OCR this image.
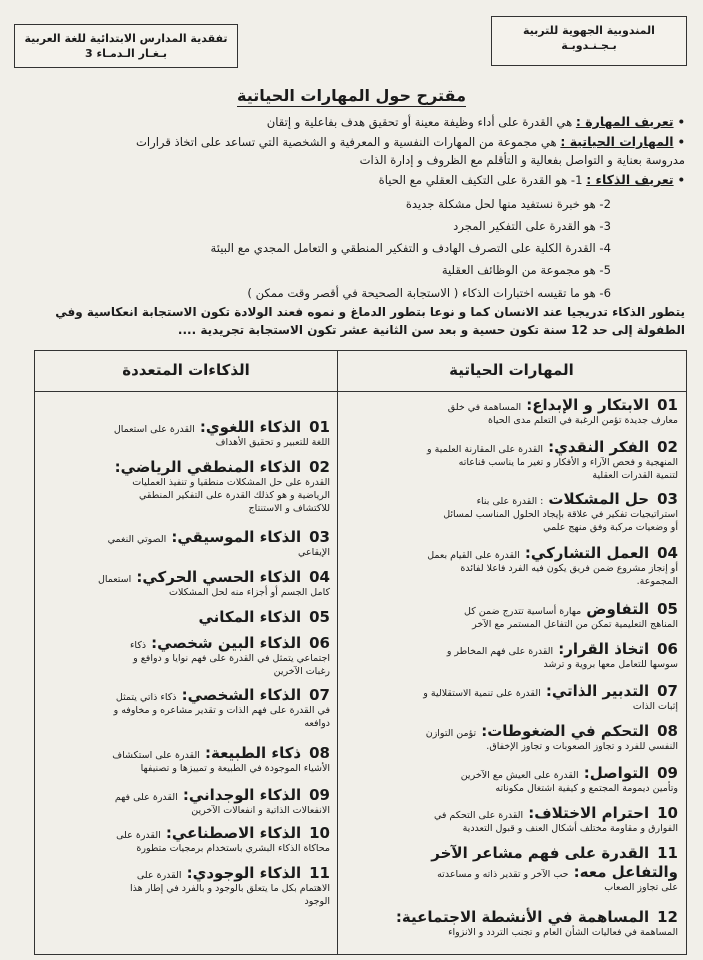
المندوبية الجهوية للتربية
بـجـنـدوبـة
تفقدية المدارس الابتدائية للغة العربية
بـغـار الـدمـاء 3
مقترح حول المهارات الحياتية
•تعريف المهارة : هي القدرة على أداء وظيفة معينة أو تحقيق هدف بفاعلية و إتقان
•المهارات الحياتية : هي مجموعة من المهارات النفسية و المعرفية و الشخصية التي تساعد على اتخاذ قرارات
مدروسة بعناية و التواصل بفعالية و التأقلم مع الظروف و إدارة الذات
•تعريف الذكاء : 1- هو القدرة على التكيف العقلي مع الحياة
2- هو خبرة نستفيد منها لحل مشكلة جديدة
3- هو القدرة على التفكير المجرد
4- القدرة الكلية على التصرف الهادف و التفكير المنطقي و التعامل المجدي مع البيئة
5- هو مجموعة من الوظائف العقلية
6- هو ما تقيسه اختبارات الذكاء ( الاستجابة الصحيحة في أقصر وقت ممكن )
يتطور الذكاء تدريجيا عند الانسان كما و نوعا بتطور الدماغ و نموه فعند الولادة تكون الاستجابة انعكاسية وفي
الطفولة إلى حد 12 سنة تكون حسية و بعد سن الثانية عشر تكون الاستجابة تجريدية ....
المهارات الحياتية
الذكاءات المتعددة
01الابتكار و الإبداع: المساهمة في خلق
معارف جديدة تؤمن الرغبة في التعلم مدى الحياة
02الفكر النقدي: القدرة على المقارنة العلمية و
المنهجية و فحص الآراء و الأفكار و تغير ما يناسب قناعاته
لتنمية القدرات العقلية
03حل المشكلات : القدرة على بناء
استراتيجيات تفكير في علاقة بإيجاد الحلول المناسب لمسائل
أو وضعيات مركبة وفق منهج علمي
04العمل التشاركي: القدرة على القيام بعمل
أو إنجاز مشروع ضمن فريق يكون فيه الفرد فاعلا لفائدة
المجموعة.
05التفاوض مهارة أساسية تتدرج ضمن كل
المناهج التعليمية تمكن من التفاعل المستمر مع الآخر
06اتخاذ القرار: القدرة على فهم المخاطر و
سوسها للتعامل معها بروية و ترشد
07التدبير الذاتي: القدرة على تنمية الاستقلالية و
إثبات الذات
08التحكم في الضغوطات: تؤمن التوازن
النفسي للفرد و تجاوز الصعوبات و تجاوز الإخفاق.
09التواصل: القدرة على العيش مع الآخرين
وتأمين ديمومة المجتمع و كيفية اشتغال مكوناته
10احترام الاختلاف: القدرة على التحكم في
الفوارق و مقاومة مختلف أشكال العنف و قبول التعددية
11القدرة على فهم مشاعر الآخر
والتفاعل معه: حب الآخر و تقدير ذاته و مساعدته
على تجاوز الصعاب
12المساهمة في الأنشطة الاجتماعية:
المساهمة في فعاليات الشأن العام و تجنب التردد و الانزواء
01الذكاء اللغوي: القدرة على استعمال
اللغة للتعبير و تحقيق الأهداف
02الذكاء المنطقي الرياضي:
القدرة على حل المشكلات منطقيا و تنفيذ العمليات
الرياضية و هو كذلك القدرة على التفكير المنطقي
للاكتشاف و الاستنتاج
03الذكاء الموسيقي: الصوتي النغمي
الإيقاعي
04الذكاء الحسي الحركي: استعمال
كامل الجسم أو أجزاء منه لحل المشكلات
05الذكاء المكاني
06الذكاء البين شخصي: ذكاء
اجتماعي يتمثل في القدرة على فهم نوايا و دوافع و
رغبات الآخرين
07الذكاء الشخصي: ذكاء ذاتي يتمثل
في القدرة على فهم الذات و تقدير مشاعره و مخاوفه و
دوافعه
08ذكاء الطبيعة: القدرة على استكشاف
الأشياء الموجودة في الطبيعة و تمييزها و تصنيفها
09الذكاء الوجداني: القدرة على فهم
الانفعالات الذاتية و انفعالات الآخرين
10الذكاء الاصطناعي: القدرة على
محاكاة الذكاء البشري باستخدام برمجيات متطورة
11الذكاء الوجودي: القدرة على
الاهتمام بكل ما يتعلق بالوجود و بالفرد في إطار هذا
الوجود
